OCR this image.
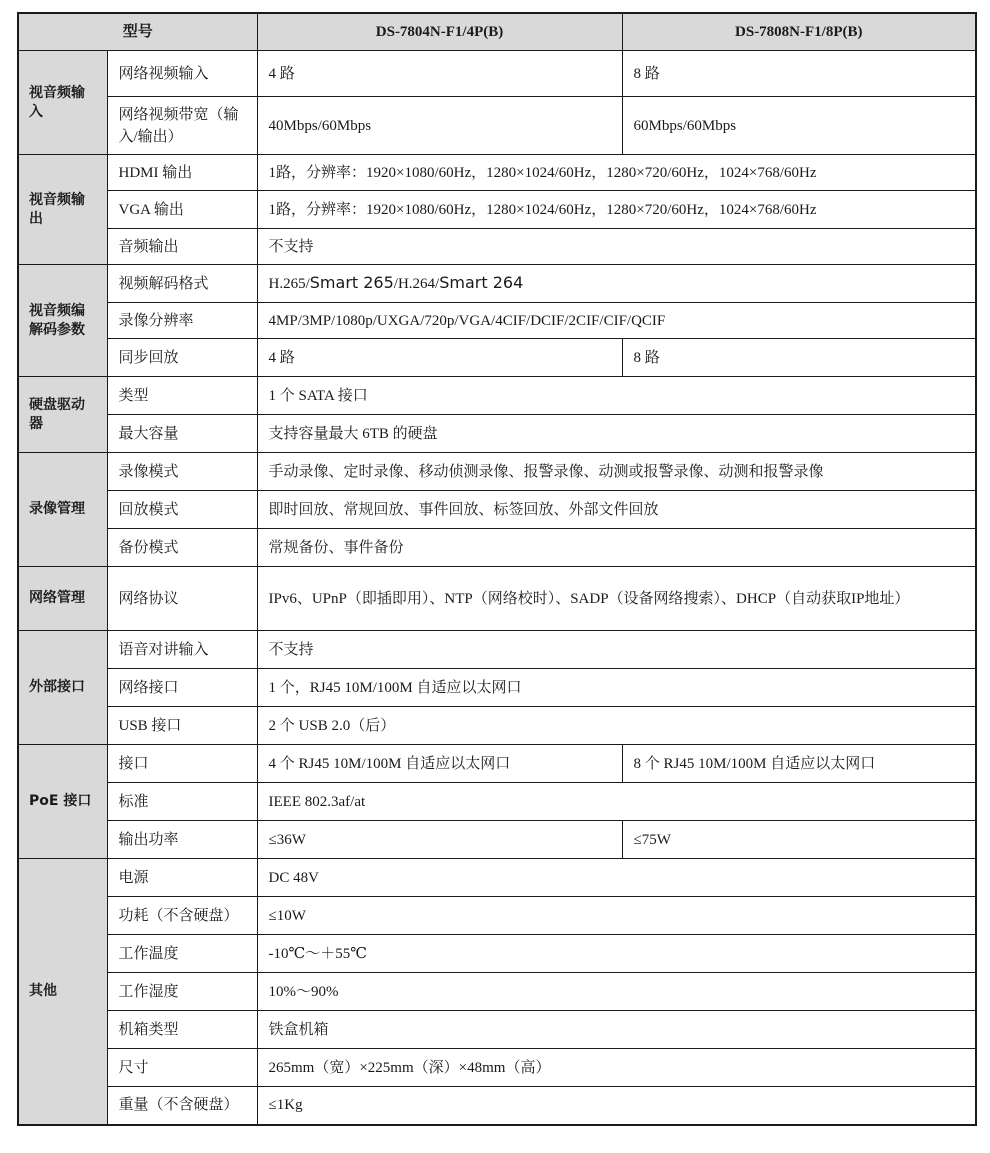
型号		DS-7804N-F1/4P(B)	DS-7808N-F1/8P(B)
视音频输入	网络视频输入	4 路	8 路
	网络视频带宽（输入/输出）	40Mbps/60Mbps	60Mbps/60Mbps
视音频输出	HDMI 输出	1路，分辨率：1920×1080/60Hz，1280×1024/60Hz，1280×720/60Hz，1024×768/60Hz	
	VGA 输出	1路，分辨率：1920×1080/60Hz，1280×1024/60Hz，1280×720/60Hz，1024×768/60Hz	
	音频输出	不支持	
视音频编解码参数	视频解码格式	H.265/Smart 265/H.264/Smart 264	
	录像分辨率	4MP/3MP/1080p/UXGA/720p/VGA/4CIF/DCIF/2CIF/CIF/QCIF	
	同步回放	4 路	8 路
硬盘驱动器	类型	1 个 SATA 接口	
	最大容量	支持容量最大 6TB 的硬盘	
录像管理	录像模式	手动录像、定时录像、移动侦测录像、报警录像、动测或报警录像、动测和报警录像	
	回放模式	即时回放、常规回放、事件回放、标签回放、外部文件回放	
	备份模式	常规备份、事件备份	
网络管理	网络协议	IPv6、UPnP（即插即用）、NTP（网络校时）、SADP（设备网络搜索）、DHCP（自动获取IP地址）	
外部接口	语音对讲输入	不支持	
	网络接口	1 个，RJ45 10M/100M 自适应以太网口	
	USB 接口	2 个 USB 2.0（后）	
PoE 接口	接口	4 个 RJ45 10M/100M 自适应以太网口	8 个 RJ45 10M/100M 自适应以太网口
	标准	IEEE 802.3af/at	
	输出功率	≤36W	≤75W
其他	电源	DC 48V	
	功耗（不含硬盘）	≤10W	
	工作温度	-10℃～＋55℃	
	工作湿度	10%～90%	
	机箱类型	铁盒机箱	
	尺寸	265mm（宽）×225mm（深）×48mm（高）	
	重量（不含硬盘）	≤1Kg	
